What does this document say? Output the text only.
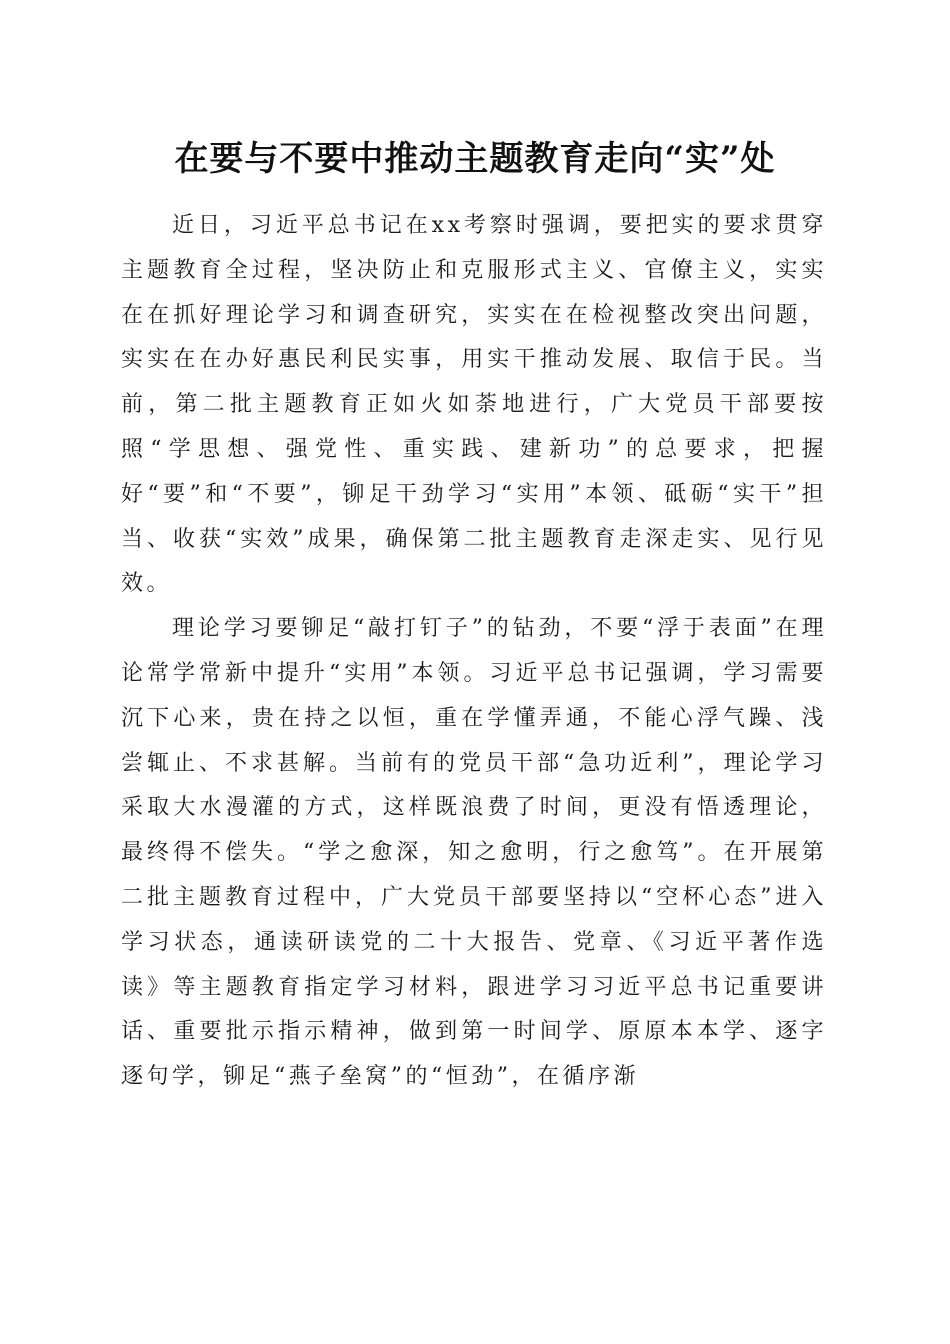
在要与不要中推动主题教育走向“实”处

近日，习近平总书记在xx考察时强调，要把实的要求贯穿主题教育全过程，坚决防止和克服形式主义、官僚主义，实实在在抓好理论学习和调查研究，实实在在检视整改突出问题，实实在在办好惠民利民实事，用实干推动发展、取信于民。当前，第二批主题教育正如火如荼地进行，广大党员干部要按照“学思想、强党性、重实践、建新功”的总要求，把握好“要”和“不要”，铆足干劲学习“实用”本领、砥砺“实干”担当、收获“实效”成果，确保第二批主题教育走深走实、见行见效。

理论学习要铆足“敲打钉子”的钻劲，不要“浮于表面”在理论常学常新中提升“实用”本领。习近平总书记强调，学习需要沉下心来，贵在持之以恒，重在学懂弄通，不能心浮气躁、浅尝辄止、不求甚解。当前有的党员干部“急功近利”，理论学习采取大水漫灌的方式，这样既浪费了时间，更没有悟透理论，最终得不偿失。“学之愈深，知之愈明，行之愈笃”。在开展第二批主题教育过程中，广大党员干部要坚持以“空杯心态”进入学习状态，通读研读党的二十大报告、党章、《习近平著作选读》等主题教育指定学习材料，跟进学习习近平总书记重要讲话、重要批示指示精神，做到第一时间学、原原本本学、逐字逐句学，铆足“燕子垒窝”的“恒劲”，在循序渐
